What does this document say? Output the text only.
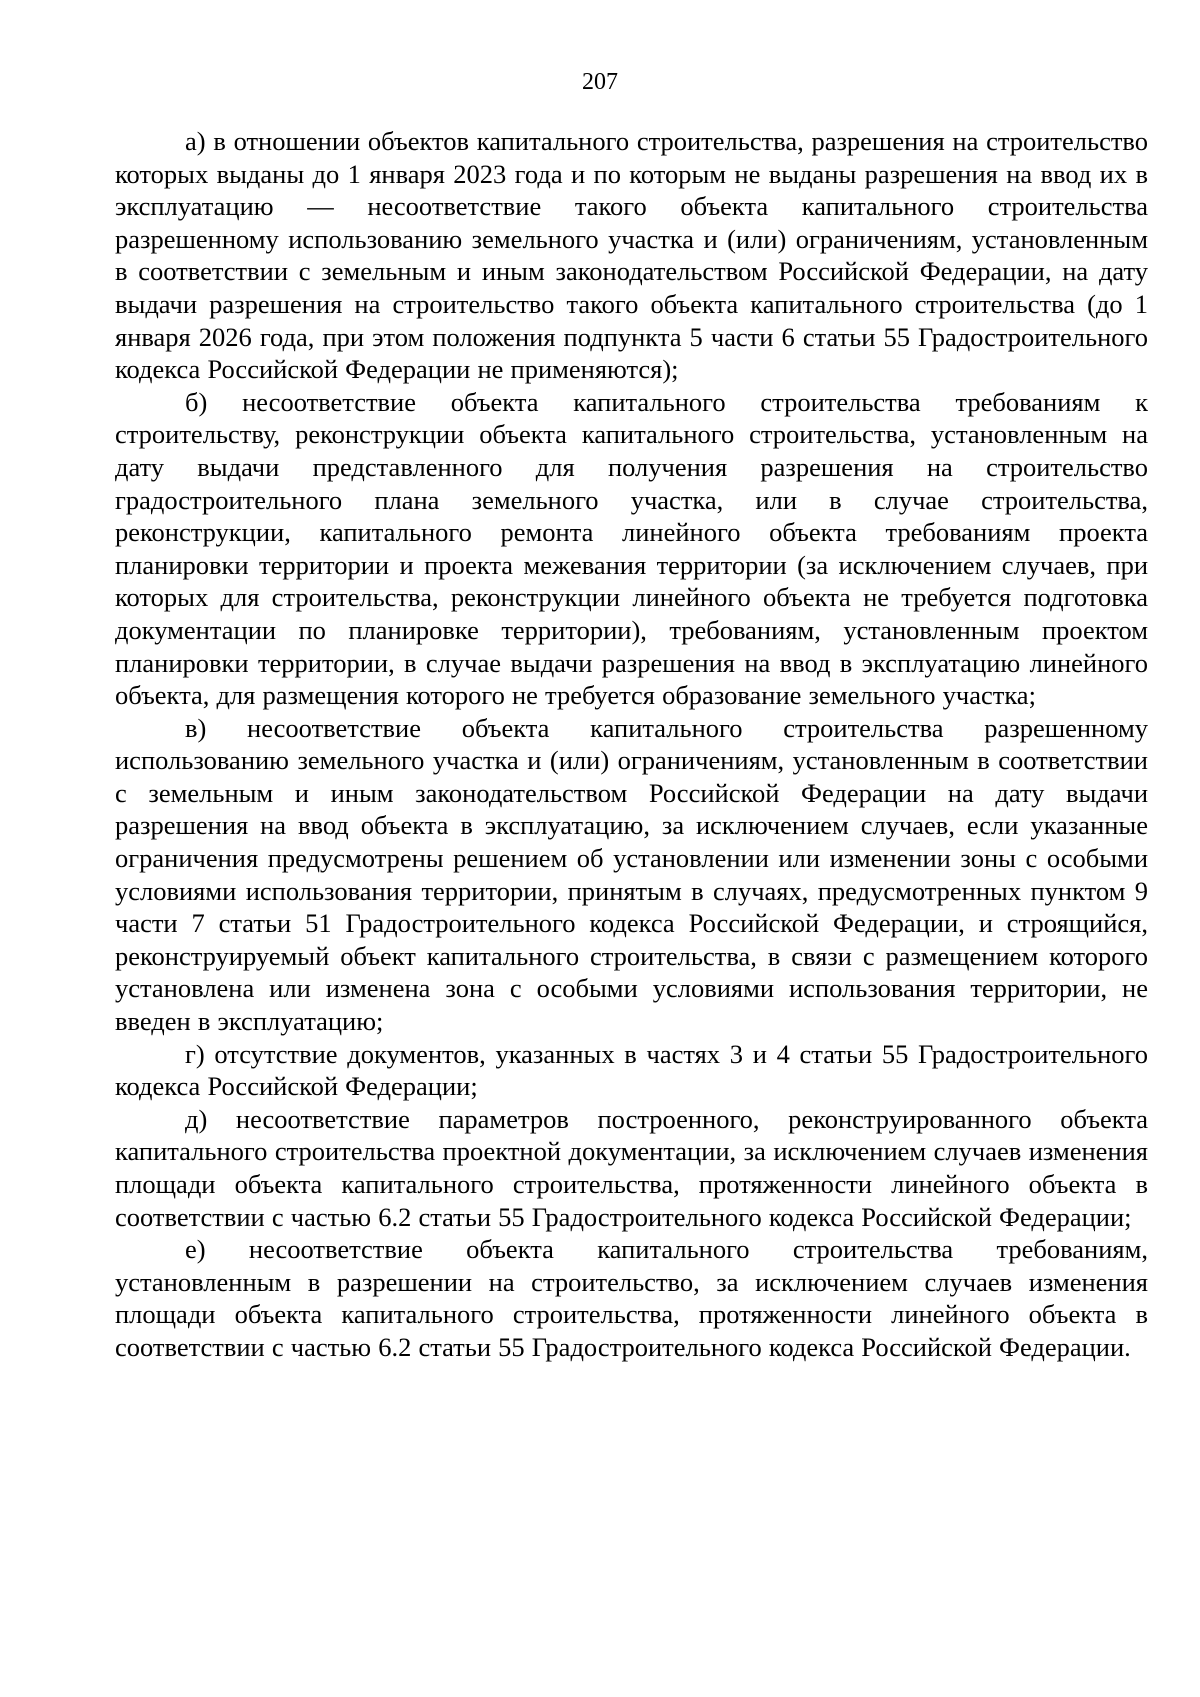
207

а) в отношении объектов капитального строительства, разрешения на строительство которых выданы до 1 января 2023 года и по которым не выданы разрешения на ввод их в эксплуатацию — несоответствие такого объекта капитального строительства разрешенному использованию земельного участка и (или) ограничениям, установленным в соответствии с земельным и иным законодательством Российской Федерации, на дату выдачи разрешения на строительство такого объекта капитального строительства (до 1 января 2026 года, при этом положения подпункта 5 части 6 статьи 55 Градостроительного кодекса Российской Федерации не применяются);

б) несоответствие объекта капитального строительства требованиям к строительству, реконструкции объекта капитального строительства, установленным на дату выдачи представленного для получения разрешения на строительство градостроительного плана земельного участка, или в случае строительства, реконструкции, капитального ремонта линейного объекта требованиям проекта планировки территории и проекта межевания территории (за исключением случаев, при которых для строительства, реконструкции линейного объекта не требуется подготовка документации по планировке территории), требованиям, установленным проектом планировки территории, в случае выдачи разрешения на ввод в эксплуатацию линейного объекта, для размещения которого не требуется образование земельного участка;

в) несоответствие объекта капитального строительства разрешенному использованию земельного участка и (или) ограничениям, установленным в соответствии с земельным и иным законодательством Российской Федерации на дату выдачи разрешения на ввод объекта в эксплуатацию, за исключением случаев, если указанные ограничения предусмотрены решением об установлении или изменении зоны с особыми условиями использования территории, принятым в случаях, предусмотренных пунктом 9 части 7 статьи 51 Градостроительного кодекса Российской Федерации, и строящийся, реконструируемый объект капитального строительства, в связи с размещением которого установлена или изменена зона с особыми условиями использования территории, не введен в эксплуатацию;

г) отсутствие документов, указанных в частях 3 и 4 статьи 55 Градостроительного кодекса Российской Федерации;

д) несоответствие параметров построенного, реконструированного объекта капитального строительства проектной документации, за исключением случаев изменения площади объекта капитального строительства, протяженности линейного объекта в соответствии с частью 6.2 статьи 55 Градостроительного кодекса Российской Федерации;

е) несоответствие объекта капитального строительства требованиям, установленным в разрешении на строительство, за исключением случаев изменения площади объекта капитального строительства, протяженности линейного объекта в соответствии с частью 6.2 статьи 55 Градостроительного кодекса Российской Федерации.
